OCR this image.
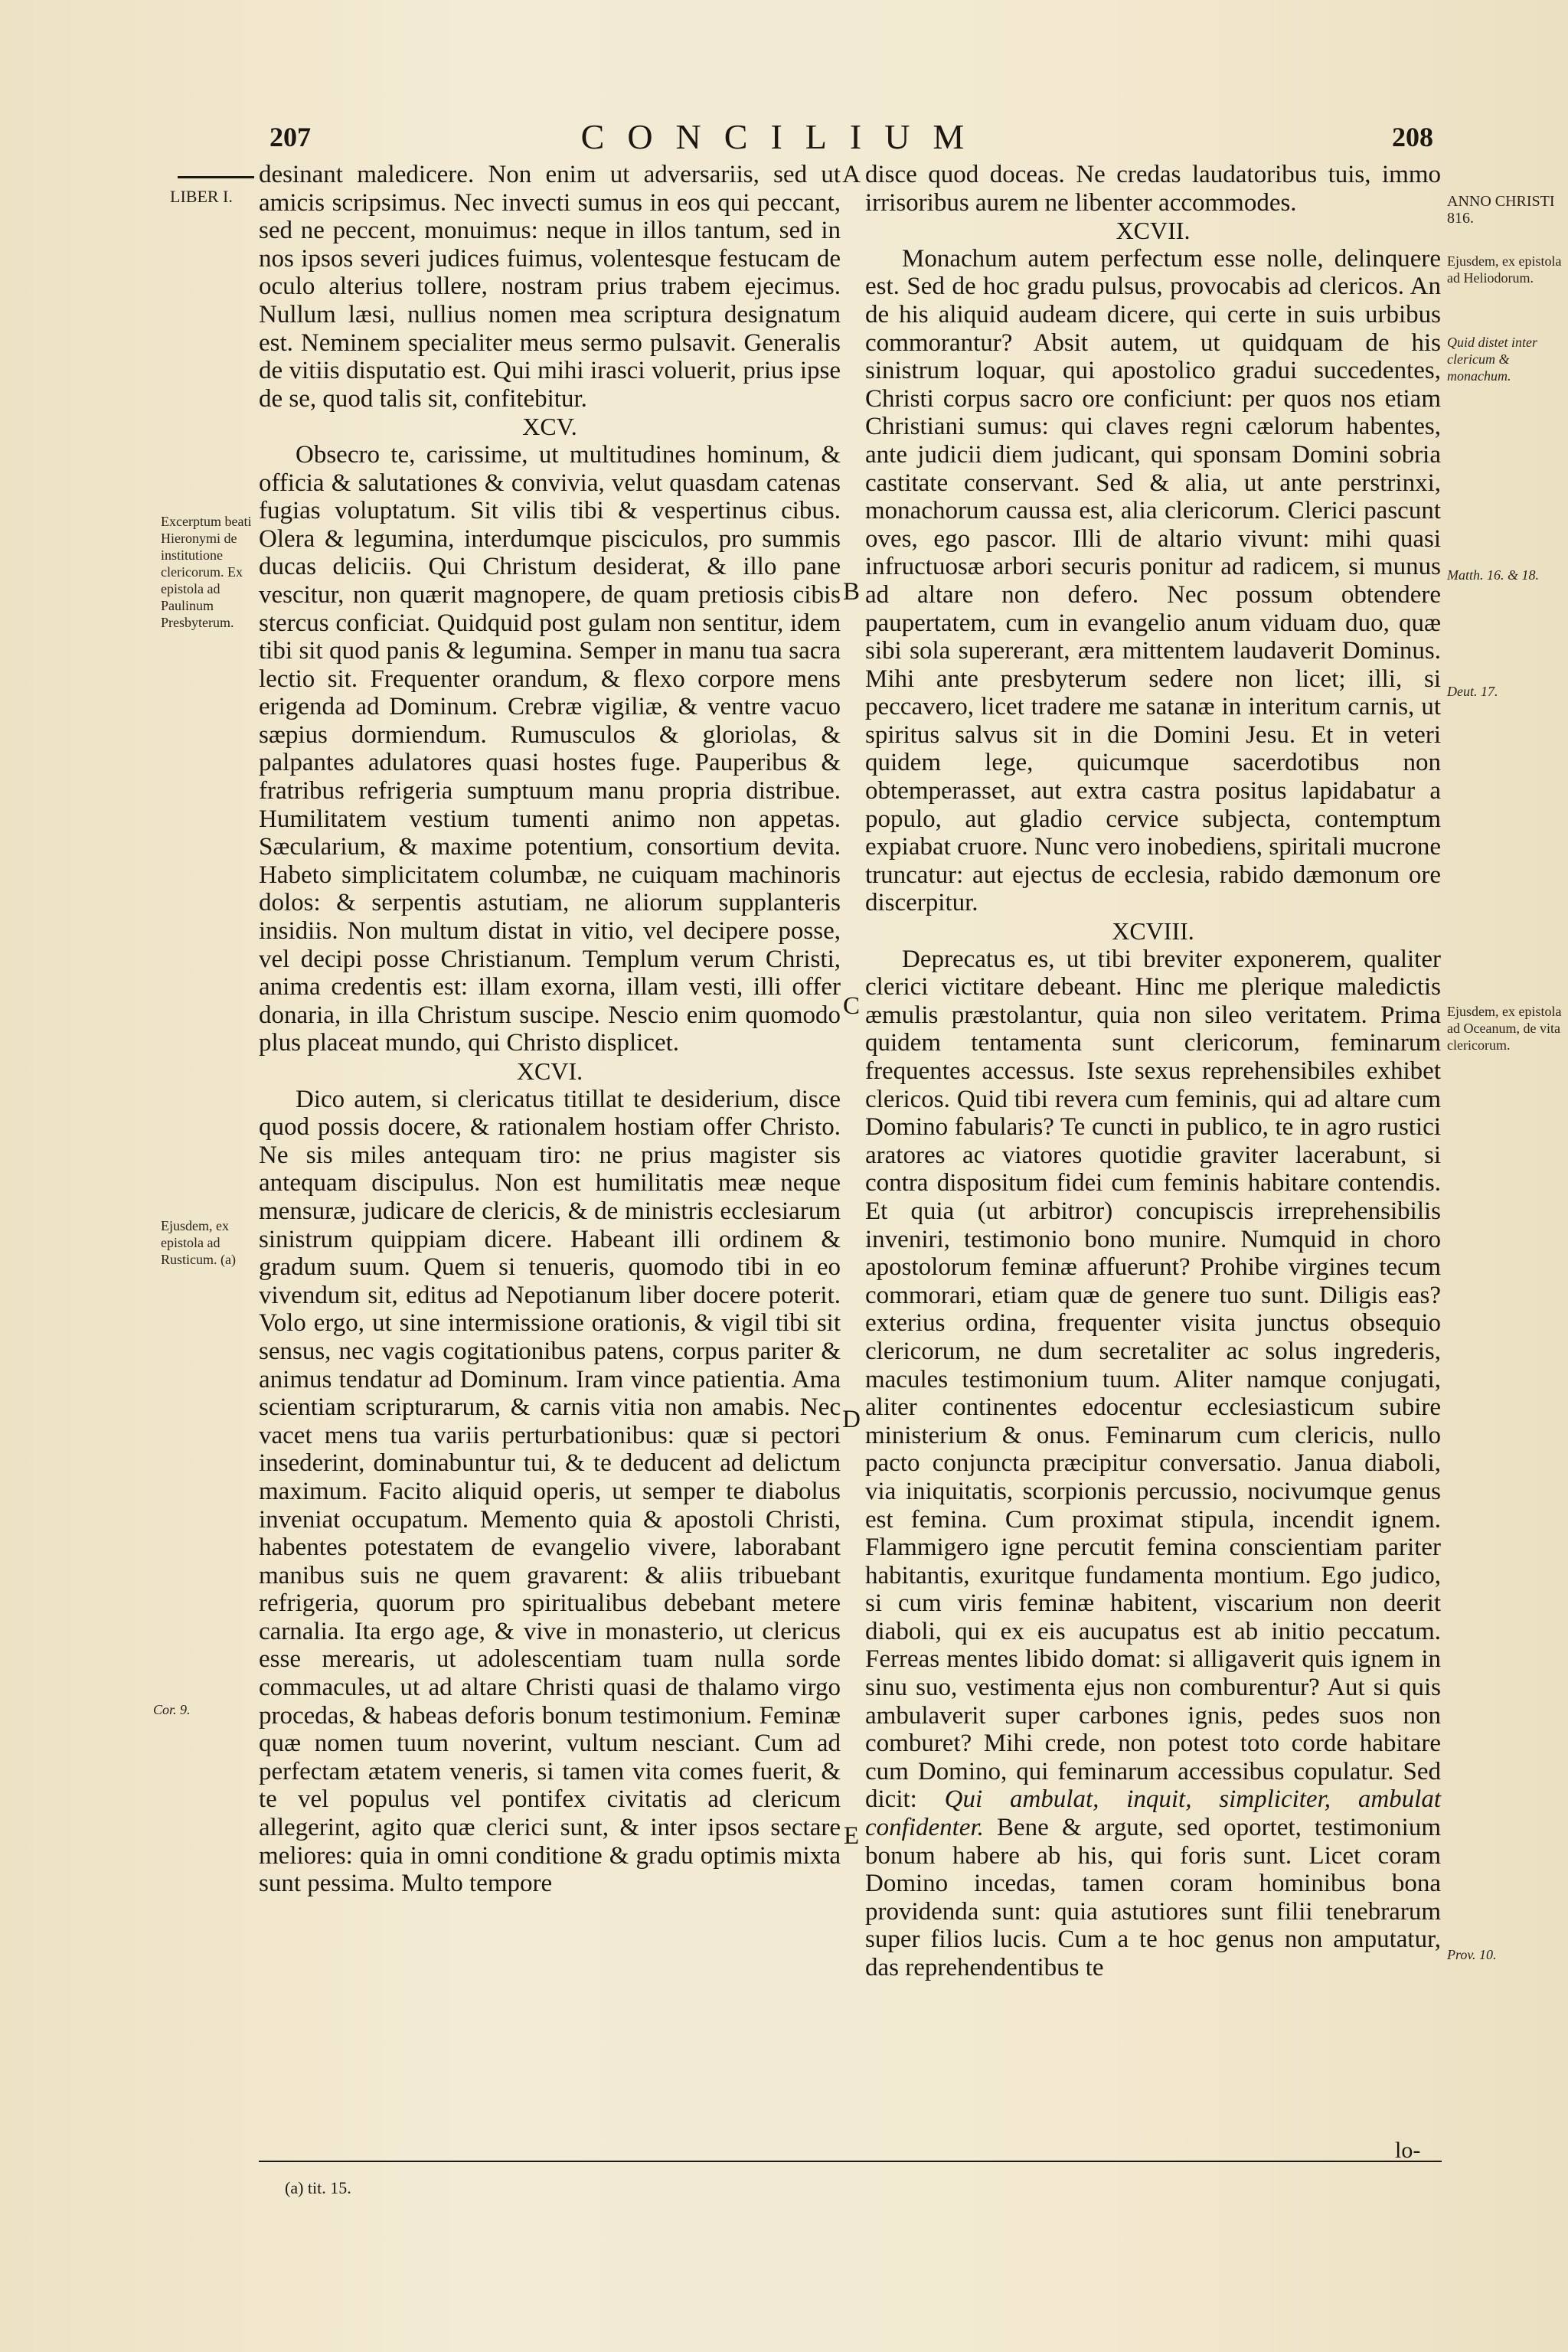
207	CONCILIUM	208
LIBER I.
Excerptum beati Hieronymi de institutione clericorum. Ex epistola ad Paulinum Presbyterum.
Ejusdem, ex epistola ad Rusticum. (a)
Cor. 9.
ANNO CHRISTI 816.
Ejusdem, ex epistola ad Heliodorum.
Quid distet inter clericum & monachum.
Matth. 16. & 18.
Deut. 17.
Ejusdem, ex epistola ad Oceanum, de vita clericorum.
Prov. 10.
A
B
C
D
E

desinant maledicere. Non enim ut adversariis, sed ut amicis scripsimus. Nec invecti sumus in eos qui peccant, sed ne peccent, monuimus: neque in illos tantum, sed in nos ipsos severi judices fuimus, volentesque festucam de oculo alterius tollere, nostram prius trabem ejecimus. Nullum læsi, nullius nomen mea scriptura designatum est. Neminem specialiter meus sermo pulsavit. Generalis de vitiis disputatio est. Qui mihi irasci voluerit, prius ipse de se, quod talis sit, confitebitur.

XCV.

Obsecro te, carissime, ut multitudines hominum, & officia & salutationes & convivia, velut quasdam catenas fugias voluptatum. Sit vilis tibi & vespertinus cibus. Olera & legumina, interdumque pisciculos, pro summis ducas deliciis. Qui Christum desiderat, & illo pane vescitur, non quærit magnopere, de quam pretiosis cibis stercus conficiat. Quidquid post gulam non sentitur, idem tibi sit quod panis & legumina. Semper in manu tua sacra lectio sit. Frequenter orandum, & flexo corpore mens erigenda ad Dominum. Crebræ vigiliæ, & ventre vacuo sæpius dormiendum. Rumusculos & gloriolas, & palpantes adulatores quasi hostes fuge. Pauperibus & fratribus refrigeria sumptuum manu propria distribue. Humilitatem vestium tumenti animo non appetas. Sæcularium, & maxime potentium, consortium devita. Habeto simplicitatem columbæ, ne cuiquam machinoris dolos: & serpentis astutiam, ne aliorum supplanteris insidiis. Non multum distat in vitio, vel decipere posse, vel decipi posse Christianum. Templum verum Christi, anima credentis est: illam exorna, illam vesti, illi offer donaria, in illa Christum suscipe. Nescio enim quomodo plus placeat mundo, qui Christo displicet.

XCVI.

Dico autem, si clericatus titillat te desiderium, disce quod possis docere, & rationalem hostiam offer Christo. Ne sis miles antequam tiro: ne prius magister sis antequam discipulus. Non est humilitatis meæ neque mensuræ, judicare de clericis, & de ministris ecclesiarum sinistrum quippiam dicere. Habeant illi ordinem & gradum suum. Quem si tenueris, quomodo tibi in eo vivendum sit, editus ad Nepotianum liber docere poterit. Volo ergo, ut sine intermissione orationis, & vigil tibi sit sensus, nec vagis cogitationibus patens, corpus pariter & animus tendatur ad Dominum. Iram vince patientia. Ama scientiam scripturarum, & carnis vitia non amabis. Nec vacet mens tua variis perturbationibus: quæ si pectori insederint, dominabuntur tui, & te deducent ad delictum maximum. Facito aliquid operis, ut semper te diabolus inveniat occupatum. Memento quia & apostoli Christi, habentes potestatem de evangelio vivere, laborabant manibus suis ne quem gravarent: & aliis tribuebant refrigeria, quorum pro spiritualibus debebant metere carnalia. Ita ergo age, & vive in monasterio, ut clericus esse merearis, ut adolescentiam tuam nulla sorde commacules, ut ad altare Christi quasi de thalamo virgo procedas, & habeas deforis bonum testimonium. Feminæ quæ nomen tuum noverint, vultum nesciant. Cum ad perfectam ætatem veneris, si tamen vita comes fuerit, & te vel populus vel pontifex civitatis ad clericum allegerint, agito quæ clerici sunt, & inter ipsos sectare meliores: quia in omni conditione & gradu optimis mixta sunt pessima. Multo tempore

disce quod doceas. Ne credas laudatoribus tuis, immo irrisoribus aurem ne libenter accommodes.

XCVII.

Monachum autem perfectum esse nolle, delinquere est. Sed de hoc gradu pulsus, provocabis ad clericos. An de his aliquid audeam dicere, qui certe in suis urbibus commorantur? Absit autem, ut quidquam de his sinistrum loquar, qui apostolico gradui succedentes, Christi corpus sacro ore conficiunt: per quos nos etiam Christiani sumus: qui claves regni cælorum habentes, ante judicii diem judicant, qui sponsam Domini sobria castitate conservant. Sed & alia, ut ante perstrinxi, monachorum caussa est, alia clericorum. Clerici pascunt oves, ego pascor. Illi de altario vivunt: mihi quasi infructuosæ arbori securis ponitur ad radicem, si munus ad altare non defero. Nec possum obtendere paupertatem, cum in evangelio anum viduam duo, quæ sibi sola supererant, æra mittentem laudaverit Dominus. Mihi ante presbyterum sedere non licet; illi, si peccavero, licet tradere me satanæ in interitum carnis, ut spiritus salvus sit in die Domini Jesu. Et in veteri quidem lege, quicumque sacerdotibus non obtemperasset, aut extra castra positus lapidabatur a populo, aut gladio cervice subjecta, contemptum expiabat cruore. Nunc vero inobediens, spiritali mucrone truncatur: aut ejectus de ecclesia, rabido dæmonum ore discerpitur.

XCVIII.

Deprecatus es, ut tibi breviter exponerem, qualiter clerici victitare debeant. Hinc me plerique maledictis æmulis præstolantur, quia non sileo veritatem. Prima quidem tentamenta sunt clericorum, feminarum frequentes accessus. Iste sexus reprehensibiles exhibet clericos. Quid tibi revera cum feminis, qui ad altare cum Domino fabularis? Te cuncti in publico, te in agro rustici aratores ac viatores quotidie graviter lacerabunt, si contra dispositum fidei cum feminis habitare contendis. Et quia (ut arbitror) concupiscis irreprehensibilis inveniri, testimonio bono munire. Numquid in choro apostolorum feminæ affuerunt? Prohibe virgines tecum commorari, etiam quæ de genere tuo sunt. Diligis eas? exterius ordina, frequenter visita junctus obsequio clericorum, ne dum secretaliter ac solus ingrederis, macules testimonium tuum. Aliter namque conjugati, aliter continentes edocentur ecclesiasticum subire ministerium & onus. Feminarum cum clericis, nullo pacto conjuncta præcipitur conversatio. Janua diaboli, via iniquitatis, scorpionis percussio, nocivumque genus est femina. Cum proximat stipula, incendit ignem. Flammigero igne percutit femina conscientiam pariter habitantis, exuritque fundamenta montium. Ego judico, si cum viris feminæ habitent, viscarium non deerit diaboli, qui ex eis aucupatus est ab initio peccatum. Ferreas mentes libido domat: si alligaverit quis ignem in sinu suo, vestimenta ejus non comburentur? Aut si quis ambulaverit super carbones ignis, pedes suos non comburet? Mihi crede, non potest toto corde habitare cum Domino, qui feminarum accessibus copulatur. Sed dicit: Qui ambulat, inquit, simpliciter, ambulat confidenter. Bene & argute, sed oportet, testimonium bonum habere ab his, qui foris sunt. Licet coram Domino incedas, tamen coram hominibus bona providenda sunt: quia astutiores sunt filii tenebrarum super filios lucis. Cum a te hoc genus non amputatur, das reprehendentibus te

lo-
(a) tit. 15.
